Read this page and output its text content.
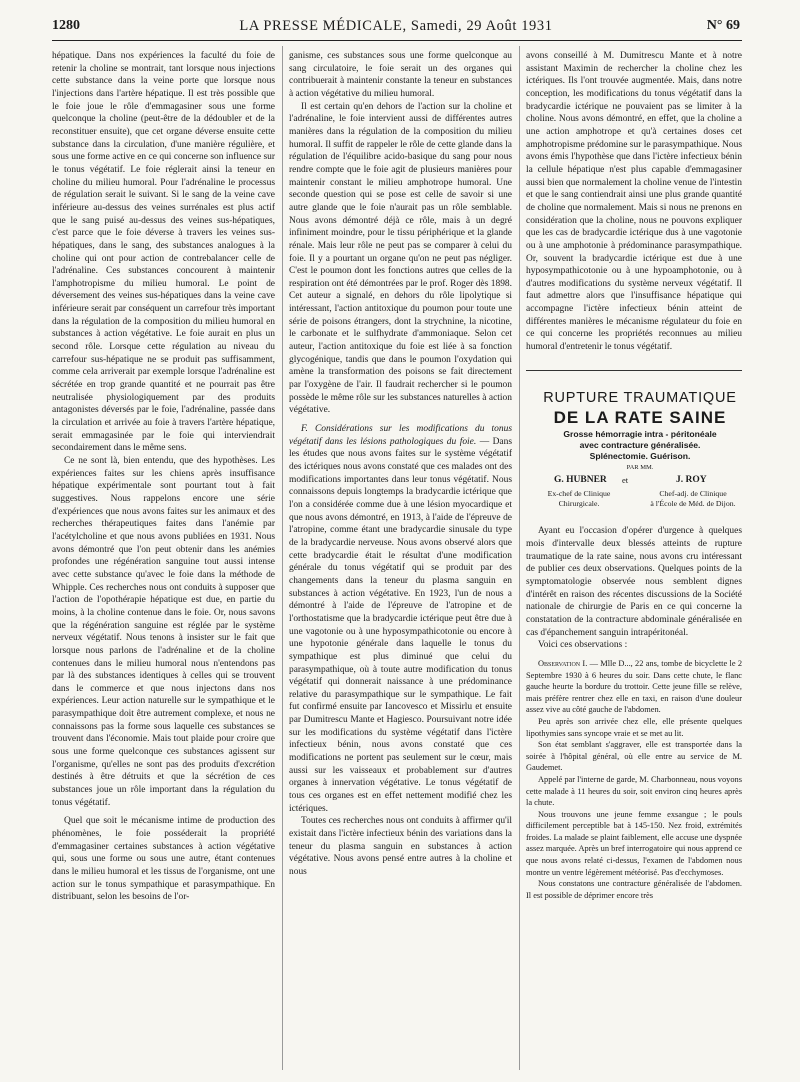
1280	LA PRESSE MÉDICALE, Samedi, 29 Août 1931	N° 69

hépatique. Dans nos expériences la faculté du foie de retenir la choline se montrait, tant lorsque nous injections cette substance dans la veine porte que lorsque nous l'injections dans l'artère hépatique. Il est très possible que le foie joue le rôle d'emmagasiner sous une forme quelconque la choline (peut-être de la dédoubler et de la reconstituer ensuite), que cet organe déverse ensuite cette substance dans la circulation, d'une manière régulière, et sous une forme active en ce qui concerne son influence sur le tonus végétatif. Le foie réglerait ainsi la teneur en choline du milieu humoral. Pour l'adrénaline le processus de régulation serait le suivant. Si le sang de la veine cave inférieure au-dessus des veines surrénales est plus actif que le sang puisé au-dessus des veines sus-hépatiques, c'est parce que le foie déverse à travers les veines sus-hépatiques, dans le sang, des substances analogues à la choline qui ont pour action de contrebalancer celle de l'adrénaline. Ces substances concourent à maintenir l'amphotropisme du milieu humoral. Le point de déversement des veines sus-hépatiques dans la veine cave inférieure serait par conséquent un carrefour très important dans la régulation de la composition du milieu humoral en substances à action végétative. Le foie aurait en plus un second rôle. Lorsque cette régulation au niveau du carrefour sus-hépatique ne se produit pas suffisamment, comme cela arriverait par exemple lorsque l'adrénaline est sécrétée en trop grande quantité et ne pourrait pas être neutralisée physiologiquement par des produits antagonistes déversés par le foie, l'adrénaline, passée dans la circulation et arrivée au foie à travers l'artère hépatique, serait emmagasinée par le foie qui interviendrait secondairement dans le même sens.

Ce ne sont là, bien entendu, que des hypothèses. Les expériences faites sur les chiens après insuffisance hépatique expérimentale sont pourtant tout à fait suggestives. Nous rappelons encore une série d'expériences que nous avons faites sur les animaux et des recherches thérapeutiques faites dans l'anémie par l'acétylcholine et que nous avons publiées en 1931. Nous avons démontré que l'on peut obtenir dans les anémies profondes une régénération sanguine tout aussi intense avec cette substance qu'avec le foie dans la méthode de Whipple. Ces recherches nous ont conduits à supposer que l'action de l'opothérapie hépatique est due, en partie du moins, à la choline contenue dans le foie. Or, nous savons que la régénération sanguine est réglée par le système nerveux végétatif. Nous tenons à insister sur le fait que lorsque nous parlons de l'adrénaline et de la choline contenues dans le milieu humoral nous n'entendons pas par là des substances identiques à celles qui se trouvent dans le commerce et que nous injectons dans nos expériences. Leur action naturelle sur le sympathique et le parasympathique doit être autrement complexe, et nous ne connaissons pas la forme sous laquelle ces substances se trouvent dans l'économie. Mais tout plaide pour croire que sous une forme quelconque ces substances agissent sur l'organisme, qu'elles ne sont pas des produits d'excrétion destinés à être détruits et que la sécrétion de ces substances joue un rôle important dans la régulation du tonus végétatif.

Quel que soit le mécanisme intime de production des phénomènes, le foie posséderait la propriété d'emmagasiner certaines substances à action végétative qui, sous une forme ou sous une autre, étant contenues dans le milieu humoral et les tissus de l'organisme, ont une action sur le tonus sympathique et parasympathique. En distribuant, selon les besoins de l'or-

ganisme, ces substances sous une forme quelconque au sang circulatoire, le foie serait un des organes qui contribuerait à maintenir constante la teneur en substances à action végétative du milieu humoral.

Il est certain qu'en dehors de l'action sur la choline et l'adrénaline, le foie intervient aussi de différentes autres manières dans la régulation de la composition du milieu humoral. Il suffit de rappeler le rôle de cette glande dans la régulation de l'équilibre acido-basique du sang pour nous rendre compte que le foie agit de plusieurs manières pour maintenir constant le milieu amphotrope humoral. Une seconde question qui se pose est celle de savoir si une autre glande que le foie n'aurait pas un rôle semblable. Nous avons démontré déjà ce rôle, mais à un degré infiniment moindre, pour le tissu périphérique et la glande rénale. Mais leur rôle ne peut pas se comparer à celui du foie. Il y a pourtant un organe qu'on ne peut pas négliger. C'est le poumon dont les fonctions autres que celles de la respiration ont été démontrées par le prof. Roger dès 1898. Cet auteur a signalé, en dehors du rôle lipolytique si intéressant, l'action antitoxique du poumon pour toute une série de poisons étrangers, dont la strychnine, la nicotine, le carbonate et le sulfhydrate d'ammoniaque. Selon cet auteur, l'action antitoxique du foie est liée à sa fonction glycogénique, tandis que dans le poumon l'oxydation qui amène la transformation des poisons se fait directement par l'oxygène de l'air. Il faudrait rechercher si le poumon possède le même rôle sur les substances naturelles à action végétative.

F. Considérations sur les modifications du tonus végétatif dans les lésions pathologiques du foie. — Dans les études que nous avons faites sur le système végétatif des ictériques nous avons constaté que ces malades ont des modifications importantes dans leur tonus végétatif. Nous connaissons depuis longtemps la bradycardie ictérique que l'on a considérée comme due à une lésion myocardique et que nous avons démontré, en 1913, à l'aide de l'épreuve de l'atropine, comme étant une bradycardie sinusale du type de la bradycardie nerveuse. Nous avons observé alors que cette bradycardie était le résultat d'une modification générale du tonus végétatif qui se produit par des changements dans la teneur du plasma sanguin en substances à action végétative. En 1923, l'un de nous a démontré à l'aide de l'épreuve de l'atropine et de l'orthostatisme que la bradycardie ictérique peut être due à une vagotonie ou à une hyposympathicotonie ou encore à une hypotonie générale dans laquelle le tonus du sympathique est plus diminué que celui du parasympathique, où à toute autre modification du tonus végétatif qui donnerait naissance à une prédominance relative du parasympathique sur le sympathique. Le fait fut confirmé ensuite par Iancovesco et Missirlu et ensuite par Dumitrescu Mante et Hagiesco. Poursuivant notre idée sur les modifications du système végétatif dans l'ictère infectieux bénin, nous avons constaté que ces modifications ne portent pas seulement sur le cœur, mais aussi sur les vaisseaux et probablement sur d'autres organes à innervation végétative. Le tonus végétatif de tous ces organes est en effet nettement modifié chez les ictériques.

Toutes ces recherches nous ont conduits à affirmer qu'il existait dans l'ictère infectieux bénin des variations dans la teneur du plasma sanguin en substances à action végétative. Nous avons pensé entre autres à la choline et nous

avons conseillé à M. Dumitrescu Mante et à notre assistant Maximin de rechercher la choline chez les ictériques. Ils l'ont trouvée augmentée. Mais, dans notre conception, les modifications du tonus végétatif dans la bradycardie ictérique ne pouvaient pas se limiter à la choline. Nous avons démontré, en effet, que la choline a une action amphotrope et qu'à certaines doses cet amphotropisme prédomine sur le parasympathique. Nous avons émis l'hypothèse que dans l'ictère infectieux bénin la cellule hépatique n'est plus capable d'emmagasiner aussi bien que normalement la choline venue de l'intestin et que le sang contiendrait ainsi une plus grande quantité de choline que normalement. Mais si nous ne prenons en considération que la choline, nous ne pouvons expliquer que les cas de bradycardie ictérique dus à une vagotonie ou à une amphotonie à prédominance parasympathique. Or, souvent la bradycardie ictérique est due à une hyposympathicotonie ou à une hypoamphotonie, ou à d'autres modifications du système nerveux végétatif. Il faut admettre alors que l'insuffisance hépatique qui accompagne l'ictère infectieux bénin atteint de différentes manières le mécanisme régulateur du foie en ce qui concerne les propriétés reconnues au milieu humoral d'entretenir le tonus végétatif.

RUPTURE TRAUMATIQUE

DE LA RATE SAINE

Grosse hémorragie intra - péritonéale

avec contracture généralisée.

Splénectomie. Guérison.

PAR MM.

G. HUBNER et	J. ROY
Ex-chef de Clinique
Chirurgicale.
Chef-adj. de Clinique
à l'École de Méd. de Dijon.

Ayant eu l'occasion d'opérer d'urgence à quelques mois d'intervalle deux blessés atteints de rupture traumatique de la rate saine, nous avons cru intéressant de publier ces deux observations. Quelques points de la symptomatologie observée nous semblent dignes d'intérêt en raison des récentes discussions de la Société nationale de chirurgie de Paris en ce qui concerne la constatation de la contracture abdominale généralisée en cas d'épanchement sanguin intrapéritonéal.

Voici ces observations :

Observation I. — Mlle D..., 22 ans, tombe de bicyclette le 2 Septembre 1930 à 6 heures du soir. Dans cette chute, le flanc gauche heurte la bordure du trottoir. Cette jeune fille se relève, mais préfère rentrer chez elle en taxi, en raison d'une douleur assez vive au côté gauche de l'abdomen.

Peu après son arrivée chez elle, elle présente quelques lipothymies sans syncope vraie et se met au lit.

Son état semblant s'aggraver, elle est transportée dans la soirée à l'hôpital général, où elle entre au service de M. Gaudemet.

Appelé par l'interne de garde, M. Charbonneau, nous voyons cette malade à 11 heures du soir, soit environ cinq heures après la chute.

Nous trouvons une jeune femme exsangue ; le pouls difficilement perceptible bat à 145-150. Nez froid, extrémités froides. La malade se plaint faiblement, elle accuse une dyspnée assez marquée. Après un bref interrogatoire qui nous apprend ce que nous avons relaté ci-dessus, l'examen de l'abdomen nous montre un ventre légèrement météorisé. Pas d'ecchymoses.

Nous constatons une contracture généralisée de l'abdomen. Il est possible de déprimer encore très
